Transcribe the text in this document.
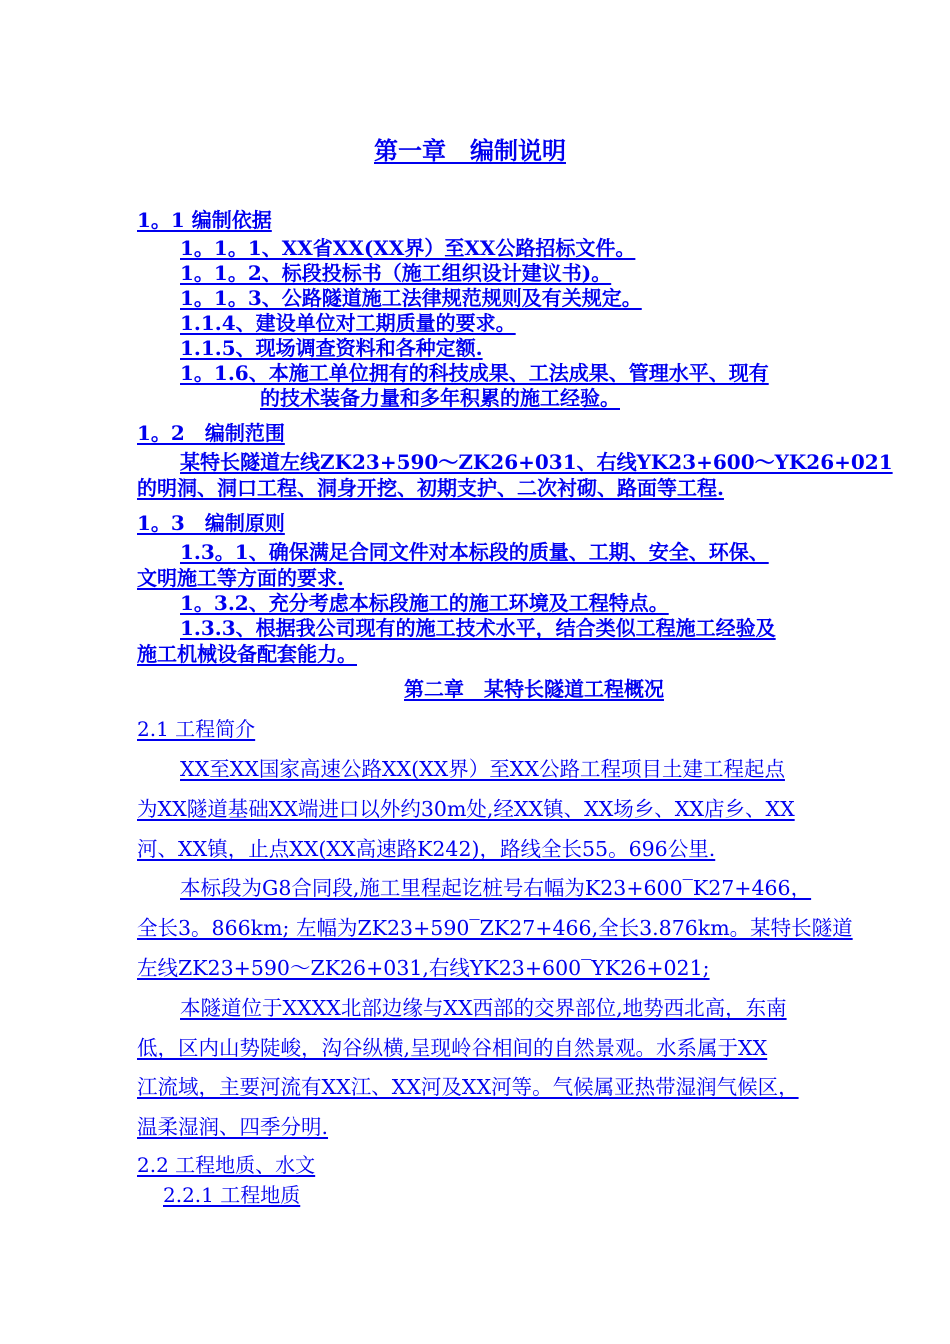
第一章　编制说明
1。1 编制依据
1。1。1、XX省XX(XX界）至XX公路招标文件。
1。1。2、标段投标书（施工组织设计建议书)。
1。1。3、公路隧道施工法律规范规则及有关规定。
1.1.4、建设单位对工期质量的要求。
1.1.5、现场调查资料和各种定额.
1。1.6、本施工单位拥有的科技成果、工法成果、管理水平、现有
的技术装备力量和多年积累的施工经验。
1。2　编制范围
某特长隧道左线ZK23+590～ZK26+031、右线YK23+600～YK26+021
的明洞、洞口工程、洞身开挖、初期支护、二次衬砌、路面等工程.
1。3　编制原则
1.3。1、确保满足合同文件对本标段的质量、工期、安全、环保、
文明施工等方面的要求.
1。3.2、充分考虑本标段施工的施工环境及工程特点。
1.3.3、根据我公司现有的施工技术水平，结合类似工程施工经验及
施工机械设备配套能力。
第二章　某特长隧道工程概况
2.1 工程简介
XX至XX国家高速公路XX(XX界）至XX公路工程项目土建工程起点
为XX隧道基础XX端进口以外约30m处,经XX镇、XX场乡、XX店乡、XX
河、XX镇，止点XX(XX高速路K242)，路线全长55。696公里.
本标段为G8合同段,施工里程起讫桩号右幅为K23+600‾K27+466，
全长3。866km; 左幅为ZK23+590‾ZK27+466,全长3.876km。某特长隧道
左线ZK23+590～ZK26+031,右线YK23+600‾YK26+021;
本隧道位于XXXX北部边缘与XX西部的交界部位,地势西北高，东南
低，区内山势陡峻，沟谷纵横,呈现岭谷相间的自然景观。水系属于XX
江流域，主要河流有XX江、XX河及XX河等。气候属亚热带湿润气候区，
温柔湿润、四季分明.
2.2 工程地质、水文
2.2.1 工程地质
